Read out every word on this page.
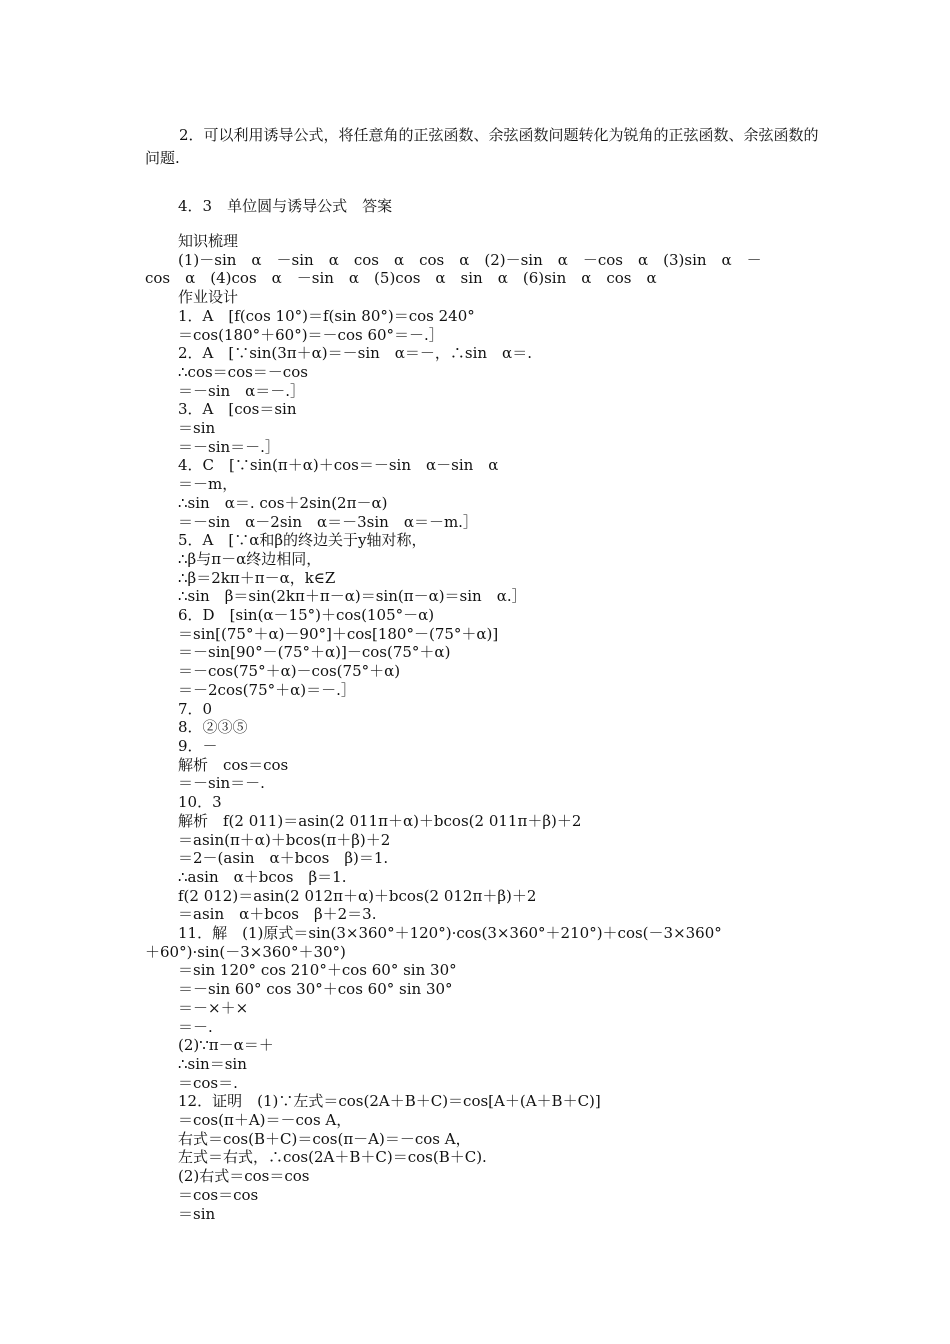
2．可以利用诱导公式，将任意角的正弦函数、余弦函数问题转化为锐角的正弦函数、余弦函数的问题.

4．3　单位圆与诱导公式　答案
知识梳理
(1)－sin　α　－sin　α　cos　α　cos　α　(2)－sin　α　－cos　α　(3)sin　α　－
cos　α　(4)cos　α　－sin　α　(5)cos　α　sin　α　(6)sin　α　cos　α
作业设计
1．A　[f(cos 10°)＝f(sin 80°)＝cos 240°
＝cos(180°＋60°)＝－cos 60°＝－.］
2．A　[∵sin(3π＋α)＝－sin　α＝－，∴sin　α＝.
∴cos＝cos＝－cos
＝－sin　α＝－.］
3．A　[cos＝sin
＝sin
＝－sin＝－.］
4．C　[∵sin(π＋α)＋cos＝－sin　α－sin　α
＝－m，
∴sin　α＝. cos＋2sin(2π－α)
＝－sin　α－2sin　α＝－3sin　α＝－m.］
5．A　[∵α和β的终边关于y轴对称，
∴β与π－α终边相同，
∴β＝2kπ＋π－α，k∈Z
∴sin　β＝sin(2kπ＋π－α)＝sin(π－α)＝sin　α.］
6．D　[sin(α－15°)＋cos(105°－α)
＝sin[(75°＋α)－90°]＋cos[180°－(75°＋α)]
＝－sin[90°－(75°＋α)]－cos(75°＋α)
＝－cos(75°＋α)－cos(75°＋α)
＝－2cos(75°＋α)＝－.］
7．0
8．②③⑤
9．－
解析　cos＝cos
＝－sin＝－.
10．3
解析　f(2 011)＝asin(2 011π＋α)＋bcos(2 011π＋β)＋2
＝asin(π＋α)＋bcos(π＋β)＋2
＝2－(asin　α＋bcos　β)＝1.
∴asin　α＋bcos　β＝1.
f(2 012)＝asin(2 012π＋α)＋bcos(2 012π＋β)＋2
＝asin　α＋bcos　β＋2＝3.
11．解　(1)原式＝sin(3×360°＋120°)·cos(3×360°＋210°)＋cos(－3×360°
＋60°)·sin(－3×360°＋30°)
＝sin 120° cos 210°＋cos 60° sin 30°
＝－sin 60° cos 30°＋cos 60° sin 30°
＝－×＋×
＝－.
(2)∵π－α＝＋
∴sin＝sin
＝cos＝.
12．证明　(1)∵左式＝cos(2A＋B＋C)＝cos[A＋(A＋B＋C)]
＝cos(π＋A)＝－cos A，
右式＝cos(B＋C)＝cos(π－A)＝－cos A，
左式＝右式，∴cos(2A＋B＋C)＝cos(B＋C).
(2)右式＝cos＝cos
＝cos＝cos
＝sin
